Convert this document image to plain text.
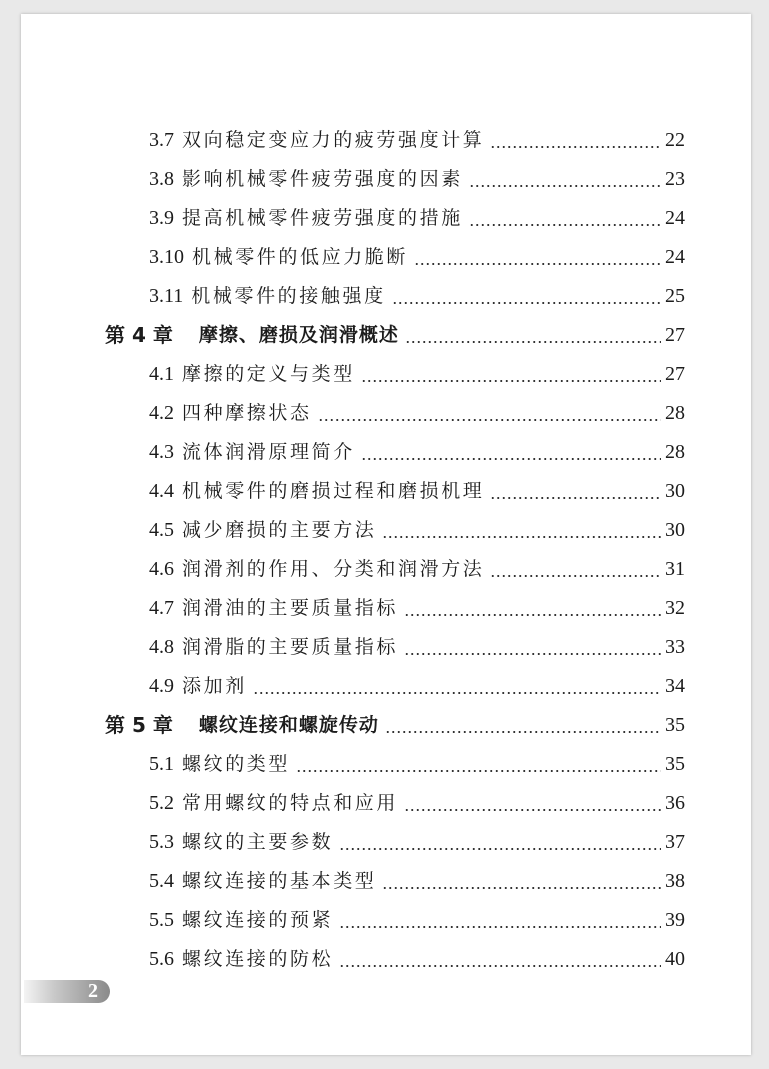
3.7 双向稳定变应力的疲劳强度计算	22
3.8 影响机械零件疲劳强度的因素	23
3.9 提高机械零件疲劳强度的措施	24
3.10 机械零件的低应力脆断	24
3.11 机械零件的接触强度	25
第 4 章 摩擦、磨损及润滑概述	27
4.1 摩擦的定义与类型	27
4.2 四种摩擦状态	28
4.3 流体润滑原理简介	28
4.4 机械零件的磨损过程和磨损机理	30
4.5 减少磨损的主要方法	30
4.6 润滑剂的作用、分类和润滑方法	31
4.7 润滑油的主要质量指标	32
4.8 润滑脂的主要质量指标	33
4.9 添加剂	34
第 5 章 螺纹连接和螺旋传动	35
5.1 螺纹的类型	35
5.2 常用螺纹的特点和应用	36
5.3 螺纹的主要参数	37
5.4 螺纹连接的基本类型	38
5.5 螺纹连接的预紧	39
5.6 螺纹连接的防松	40
2
